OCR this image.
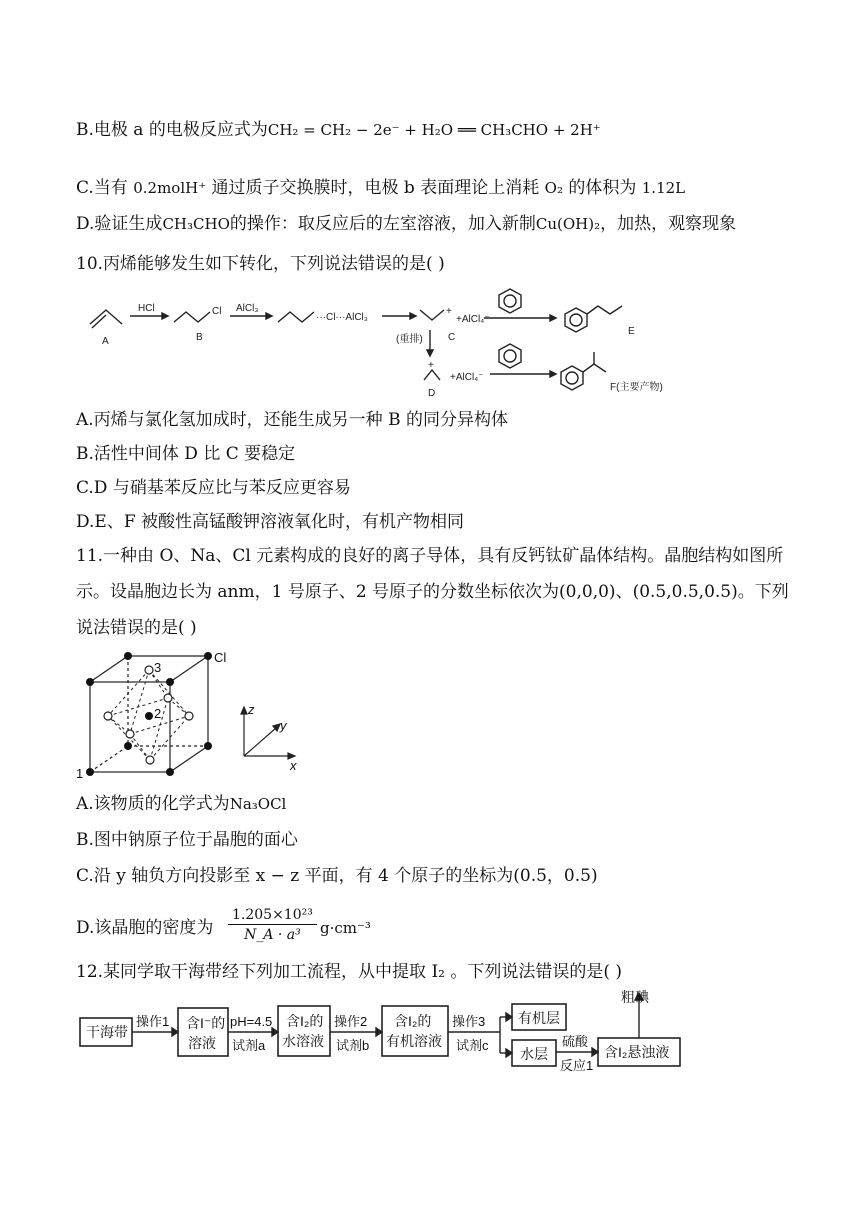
B.电极 a 的电极反应式为CH₂ = CH₂ − 2e⁻ + H₂O ══ CH₃CHO + 2H⁺
C.当有 0.2molH⁺ 通过质子交换膜时，电极 b 表面理论上消耗 O₂ 的体积为 1.12L
D.验证生成CH₃CHO的操作：取反应后的左室溶液，加入新制Cu(OH)₂，加热，观察现象
10.丙烯能够发生如下转化，下列说法错误的是( )
HCl	Cl AlCl₃
···Cl···AlCl₃
+
+AlCl₄⁻
(重排)
+
+AlCl₄⁻
A	B	C
D
E
F(主要产物)
A.丙烯与氯化氢加成时，还能生成另一种 B 的同分异构体
B.活性中间体 D 比 C 要稳定
C.D 与硝基苯反应比与苯反应更容易
D.E、F 被酸性高锰酸钾溶液氧化时，有机产物相同
11.一种由 O、Na、Cl 元素构成的良好的离子导体，具有反钙钛矿晶体结构。晶胞结构如图所
示。设晶胞边长为 anm，1 号原子、2 号原子的分数坐标依次为(0,0,0)、(0.5,0.5,0.5)。下列
说法错误的是( )
Cl
1
2
3
z
y
x
A.该物质的化学式为Na₃OCl
B.图中钠原子位于晶胞的面心
C.沿 y 轴负方向投影至 x − z 平面，有 4 个原子的坐标为(0.5，0.5)
D.该晶胞的密度为 $\frac{\text{1.205×10²³}}{\text{N\_A · a³}} g\cdot cm^{-3}$
12.某同学取干海带经下列加工流程，从中提取 I₂ 。下列说法错误的是( )
干海带
含I⁻的
溶液
含I₂的
水溶液
含I₂的
有机溶液
有机层
水层	含I₂悬浊液
粗碘
操作1	pH=4.5
试剂a
操作2
试剂b
操作3
试剂c	硫酸
反应1
